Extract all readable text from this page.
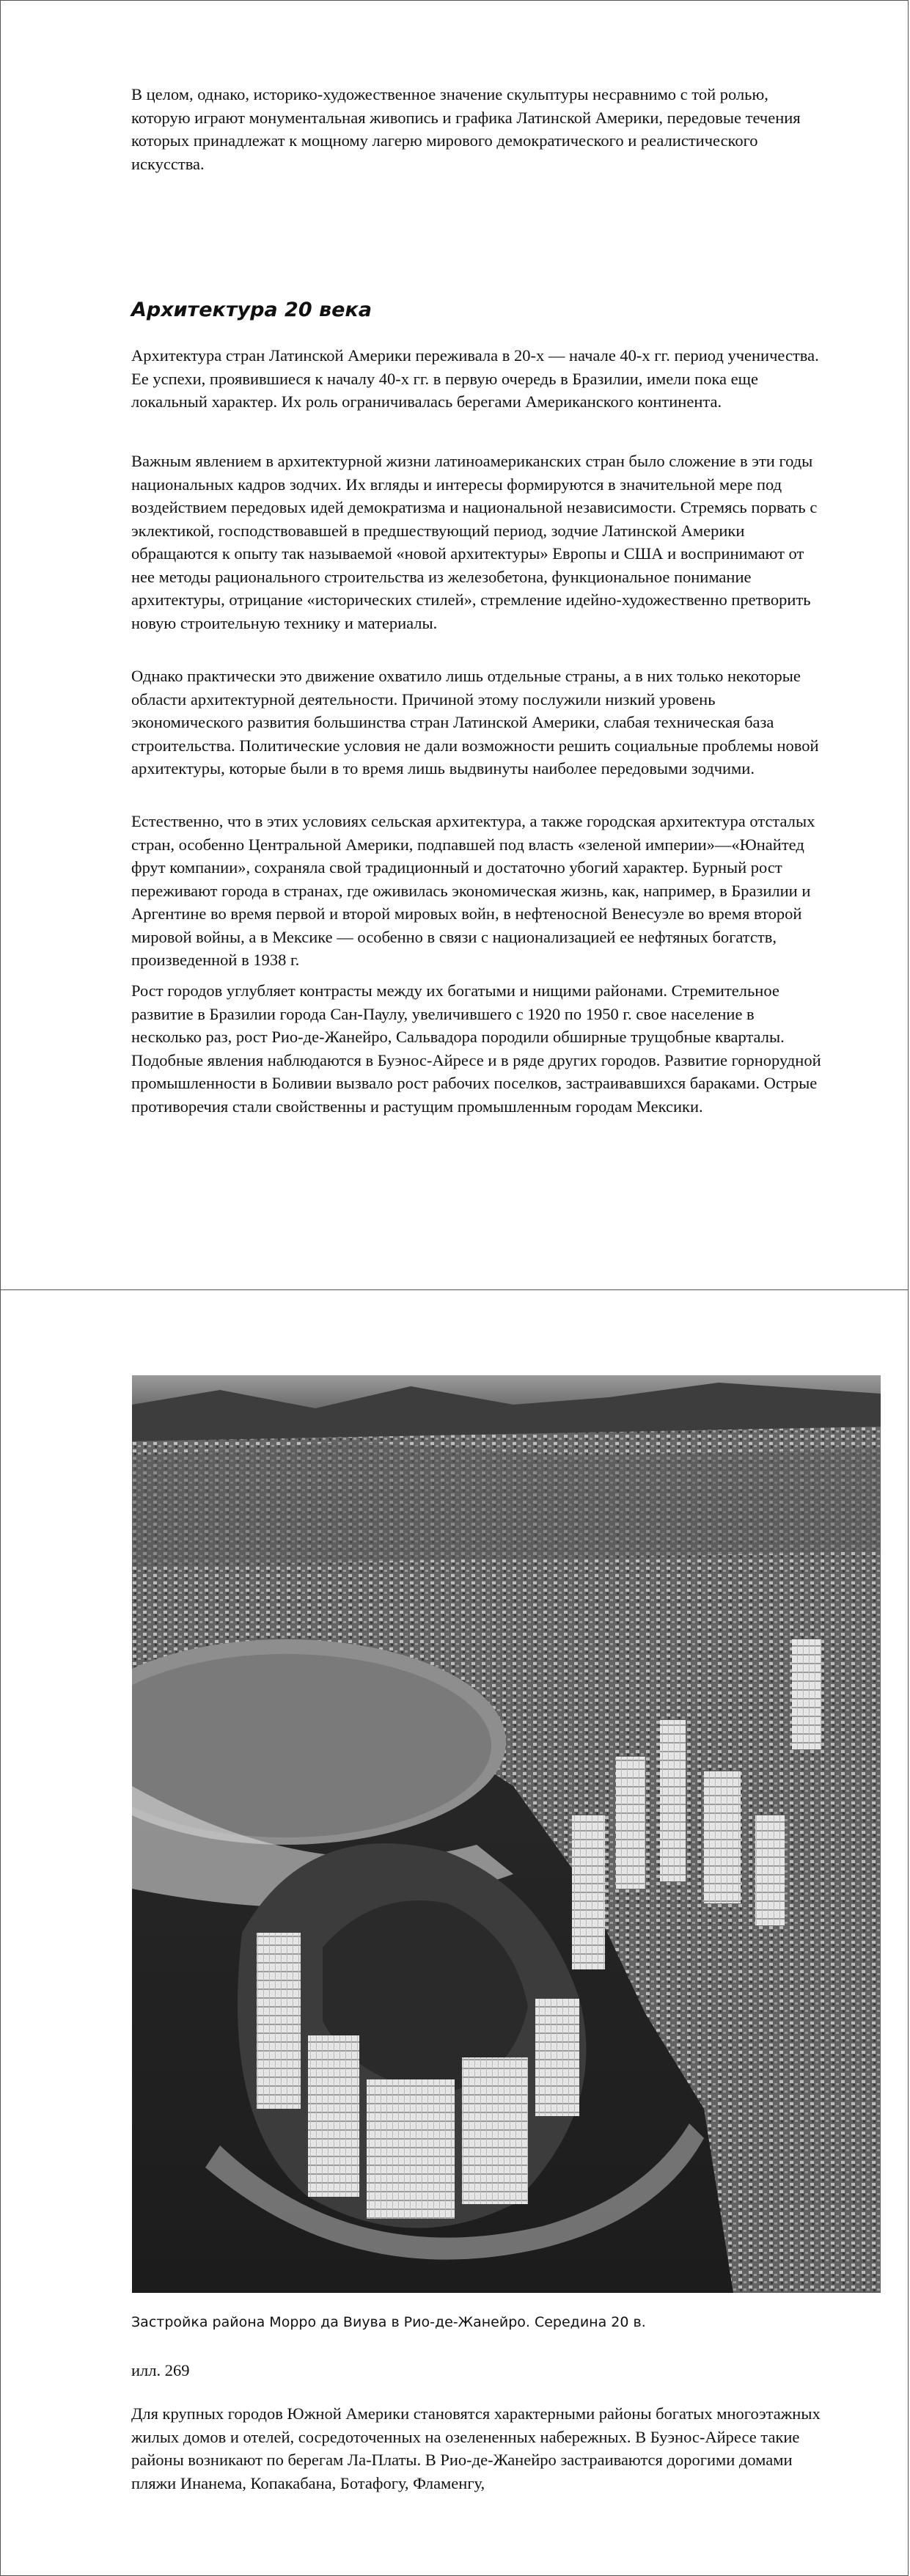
В целом, однако, историко-художественное значение скульптуры несравнимо с той ролью, которую играют монументальная живопись и графика Латинской Америки, передовые течения которых принадлежат к мощному лагерю мирового демократического и реалистического искусства.

Архитектура 20 века

Архитектура стран Латинской Америки переживала в 20-х — начале 40-х гг. период ученичества. Ее успехи, проявившиеся к началу 40-х гг. в первую очередь в Бразилии, имели пока еще локальный характер. Их роль ограничивалась берегами Американского континента.

Важным явлением в архитектурной жизни латиноамериканских стран было сложение в эти годы национальных кадров зодчих. Их вгляды и интересы формируются в значительной мере под воздействием передовых идей демократизма и национальной независимости. Стремясь порвать с эклектикой, господствовавшей в предшествующий период, зодчие Латинской Америки обращаются к опыту так называемой «новой архитектуры» Европы и США и воспринимают от нее методы рационального строительства из железобетона, функциональное понимание архитектуры, отрицание «исторических стилей», стремление идейно-художественно претворить новую строительную технику и материалы.

Однако практически это движение охватило лишь отдельные страны, а в них только некоторые области архитектурной деятельности. Причиной этому послужили низкий уровень экономического развития большинства стран Латинской Америки, слабая техническая база строительства. Политические условия не дали возможности решить социальные проблемы новой архитектуры, которые были в то время лишь выдвинуты наиболее передовыми зодчими.

Естественно, что в этих условиях сельская архитектура, а также городская архитектура отсталых стран, особенно Центральной Америки, подпавшей под власть «зеленой империи»—«Юнайтед фрут компании», сохраняла свой традиционный и достаточно убогий характер. Бурный рост переживают города в странах, где оживилась экономическая жизнь, как, например, в Бразилии и Аргентине во время первой и второй мировых войн, в нефтеносной Венесуэле во время второй мировой войны, а в Мексике — особенно в связи с национализацией ее нефтяных богатств, произведенной в 1938 г.

Рост городов углубляет контрасты между их богатыми и нищими районами. Стремительное развитие в Бразилии города Сан-Паулу, увеличившего с 1920 по 1950 г. свое население в несколько раз, рост Рио-де-Жанейро, Сальвадора породили обширные трущобные кварталы. Подобные явления наблюдаются в Буэнос-Айресе и в ряде других городов. Развитие горнорудной промышленности в Боливии вызвало рост рабочих поселков, застраивавшихся бараками. Острые противоречия стали свойственны и растущим промышленным городам Мексики.

Застройка района Морро да Виува в Рио-де-Жанейро. Середина 20 в.

илл. 269

Для крупных городов Южной Америки становятся характерными районы богатых многоэтажных жилых домов и отелей, сосредоточенных на озелененных набережных. В Буэнос-Айресе такие районы возникают по берегам Ла-Платы. В Рио-де-Жанейро застраиваются дорогими домами пляжи Инанема, Копакабана, Ботафогу, Фламенгу,
